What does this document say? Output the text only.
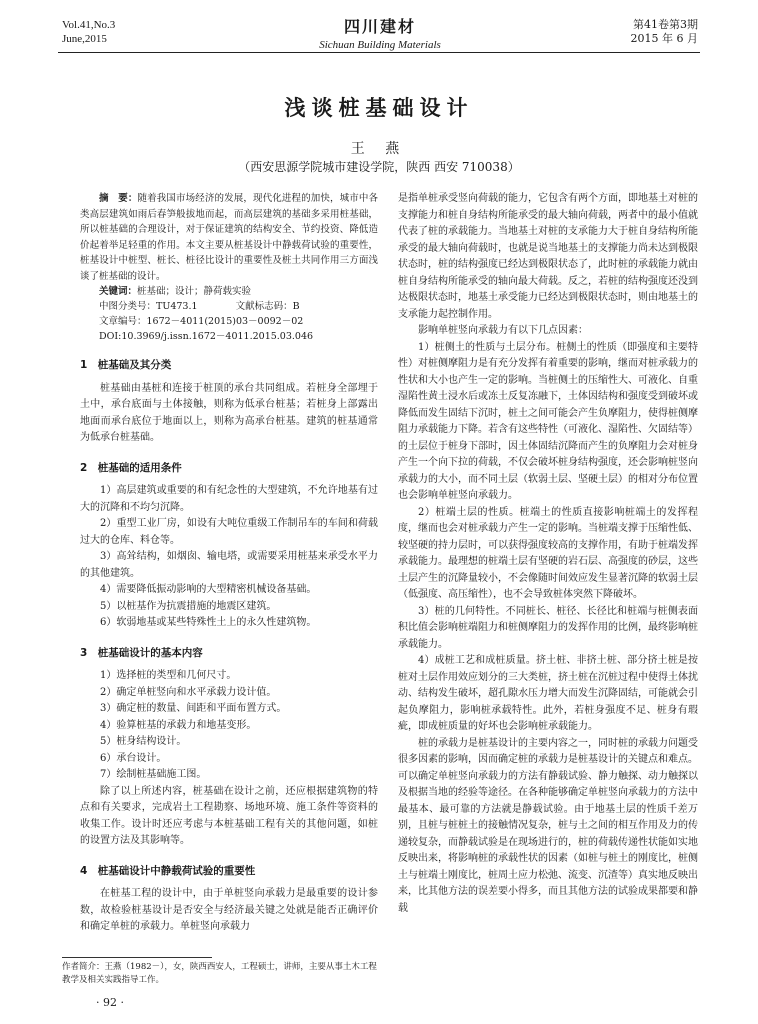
Vol.41,No.3
June,2015
四川建材
Sichuan Building Materials
第41卷第3期
2015 年 6 月
浅谈桩基础设计
王 燕
（西安思源学院城市建设学院，陕西 西安 710038）

摘　要：随着我国市场经济的发展，现代化进程的加快，城市中各类高层建筑如雨后春笋般拔地而起，而高层建筑的基础多采用桩基础，所以桩基础的合理设计，对于保证建筑的结构安全、节约投资、降低造价起着举足轻重的作用。本文主要从桩基设计中静载荷试验的重要性，桩基设计中桩型、桩长、桩径比设计的重要性及桩土共同作用三方面浅谈了桩基础的设计。

关键词：桩基础；设计；静荷载实验

中图分类号：TU473.1　　　　	文献标志码：B

文章编号：1672－4011(2015)03－0092－02

DOI:10.3969/j.issn.1672－4011.2015.03.046

1　桩基础及其分类

桩基础由基桩和连接于桩顶的承台共同组成。若桩身全部埋于土中，承台底面与土体接触，则称为低承台桩基；若桩身上部露出地面而承台底位于地面以上，则称为高承台桩基。建筑的桩基通常为低承台桩基础。

2　桩基础的适用条件

1）高层建筑或重要的和有纪念性的大型建筑，不允许地基有过大的沉降和不均匀沉降。

2）重型工业厂房，如设有大吨位重级工作制吊车的车间和荷载过大的仓库、料仓等。

3）高耸结构，如烟囱、输电塔，或需要采用桩基来承受水平力的其他建筑。

4）需要降低振动影响的大型精密机械设备基础。

5）以桩基作为抗震措施的地震区建筑。

6）软弱地基或某些特殊性土上的永久性建筑物。

3　桩基础设计的基本内容

1）选择桩的类型和几何尺寸。

2）确定单桩竖向和水平承载力设计值。

3）确定桩的数量、间距和平面布置方式。

4）验算桩基的承载力和地基变形。

5）桩身结构设计。

6）承台设计。

7）绘制桩基础施工图。

除了以上所述内容，桩基础在设计之前，还应根据建筑物的特点和有关要求，完成岩土工程勘察、场地环境、施工条件等资料的收集工作。设计时还应考虑与本桩基础工程有关的其他问题，如桩的设置方法及其影响等。

4　桩基础设计中静载荷试验的重要性

在桩基工程的设计中，由于单桩竖向承载力是最重要的设计参数，故检验桩基设计是否安全与经济最关键之处就是能否正确评价和确定单桩的承载力。单桩竖向承载力

是指单桩承受竖向荷载的能力，它包含有两个方面，即地基土对桩的支撑能力和桩自身结构所能承受的最大轴向荷载，两者中的最小值就代表了桩的承载能力。当地基土对桩的支承能力大于桩自身结构所能承受的最大轴向荷载时，也就是说当地基土的支撑能力尚未达到极限状态时，桩的结构强度已经达到极限状态了，此时桩的承载能力就由桩自身结构所能承受的轴向最大荷载。反之，若桩的结构强度还没到达极限状态时，地基土承受能力已经达到极限状态时，则由地基土的支承能力起控制作用。

影响单桩竖向承载力有以下几点因素：

1）桩侧土的性质与土层分布。桩侧土的性质（即强度和主要特性）对桩侧摩阻力是有充分发挥有着重要的影响，继而对桩承载力的性状和大小也产生一定的影响。当桩侧土的压缩性大、可液化、自重湿陷性黄土浸水后或冻土反复冻融下，土体因结构和强度受到破坏或降低而发生固结下沉时，桩土之间可能会产生负摩阻力，使得桩侧摩阻力承载能力下降。若含有这些特性（可液化、湿陷性、欠固结等）的土层位于桩身下部时，因土体固结沉降而产生的负摩阻力会对桩身产生一个向下拉的荷载，不仅会破坏桩身结构强度，还会影响桩竖向承载力的大小，而不同土层（软弱土层、坚硬土层）的相对分布位置也会影响单桩竖向承载力。

2）桩端土层的性质。桩端土的性质直接影响桩端土的发挥程度，继而也会对桩承载力产生一定的影响。当桩端支撑于压缩性低、较坚硬的持力层时，可以获得强度较高的支撑作用，有助于桩端发挥承载能力。最理想的桩端土层有坚硬的岩石层、高强度的砂层，这些土层产生的沉降量较小，不会像随时间效应发生显著沉降的软弱土层（低强度、高压缩性），也不会导致桩体突然下降破坏。

3）桩的几何特性。不同桩长、桩径、长径比和桩端与桩侧表面积比值会影响桩端阻力和桩侧摩阻力的发挥作用的比例，最终影响桩承载能力。

4）成桩工艺和成桩质量。挤土桩、非挤土桩、部分挤土桩是按桩对土层作用效应划分的三大类桩，挤土桩在沉桩过程中使得土体扰动、结构发生破坏，超孔隙水压力增大而发生沉降固结，可能就会引起负摩阻力，影响桩承载特性。此外，若桩身强度不足、桩身有瑕疵，即成桩质量的好坏也会影响桩承载能力。

桩的承载力是桩基设计的主要内容之一，同时桩的承载力问题受很多因素的影响，因而确定桩的承载力是桩基设计的关键点和难点。可以确定单桩竖向承载力的方法有静载试验、静力触探、动力触探以及根据当地的经验等途径。在各种能够确定单桩竖向承载力的方法中最基本、最可靠的方法就是静载试验。由于地基土层的性质千差万别，且桩与桩桩土的接触情况复杂，桩与土之间的相互作用及力的传递较复杂，而静载试验是在现场进行的，桩的荷载传递性状能如实地反映出来，将影响桩的承载性状的因素（如桩与桩土的刚度比，桩侧土与桩端土刚度比，桩周土应力松弛、流变、沉渣等）真实地反映出来，比其他方法的误差要小得多，而且其他方法的试验成果都要和静载

作者简介：王燕（1982－），女，陕西西安人，工程硕士，讲师，主要从事土木工程教学及相关实践指导工作。
· 92 ·
